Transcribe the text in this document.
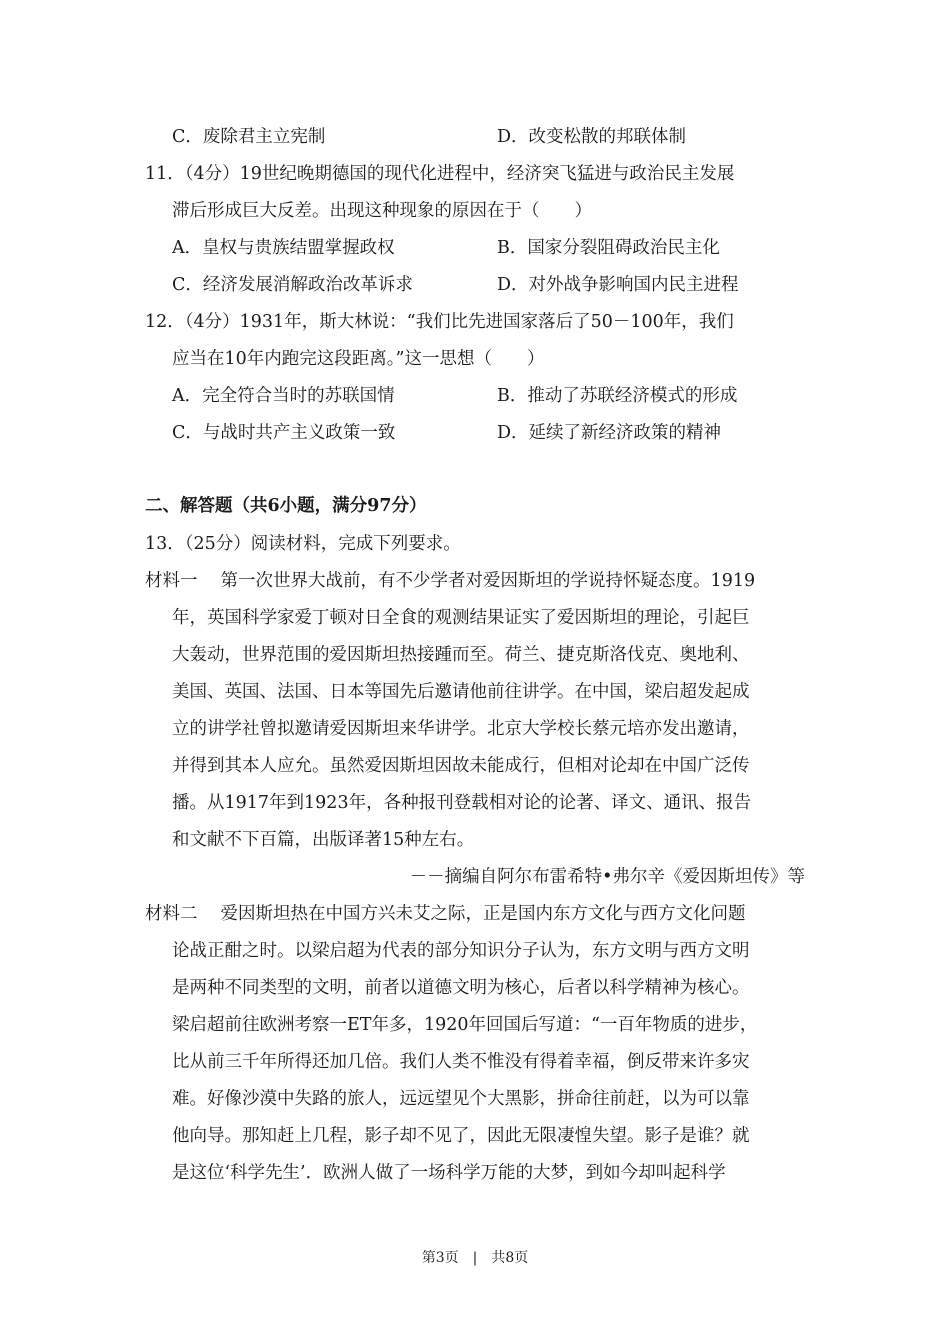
C．废除君主立宪制	D．改变松散的邦联体制
11．（4分）19世纪晚期德国的现代化进程中，经济突飞猛进与政治民主发展
滞后形成巨大反差。出现这种现象的原因在于（　　）
A．皇权与贵族结盟掌握政权	B．国家分裂阻碍政治民主化
C．经济发展消解政治改革诉求	D．对外战争影响国内民主进程
12．（4分）1931年，斯大林说：“我们比先进国家落后了50－100年，我们
应当在10年内跑完这段距离。”这一思想（　　）
A．完全符合当时的苏联国情	B．推动了苏联经济模式的形成
C．与战时共产主义政策一致	D．延续了新经济政策的精神
二、解答题（共6小题，满分97分）
13．（25分）阅读材料，完成下列要求。
材料一　 第一次世界大战前，有不少学者对爱因斯坦的学说持怀疑态度。1919
年，英国科学家爱丁顿对日全食的观测结果证实了爱因斯坦的理论，引起巨
大轰动，世界范围的爱因斯坦热接踵而至。荷兰、捷克斯洛伐克、奥地利、
美国、英国、法国、日本等国先后邀请他前往讲学。在中国，梁启超发起成
立的讲学社曾拟邀请爱因斯坦来华讲学。北京大学校长蔡元培亦发出邀请，
并得到其本人应允。虽然爱因斯坦因故未能成行，但相对论却在中国广泛传
播。从1917年到1923年，各种报刊登载相对论的论著、译文、通讯、报告
和文献不下百篇，出版译著15种左右。
－－摘编自阿尔布雷希特•弗尔辛《爱因斯坦传》等
材料二　 爱因斯坦热在中国方兴未艾之际，正是国内东方文化与西方文化问题
论战正酣之时。以梁启超为代表的部分知识分子认为，东方文明与西方文明
是两种不同类型的文明，前者以道德文明为核心，后者以科学精神为核心。
梁启超前往欧洲考察一ET年多，1920年回国后写道：“一百年物质的进步，
比从前三千年所得还加几倍。我们人类不惟没有得着幸福，倒反带来许多灾
难。好像沙漠中失路的旅人，远远望见个大黑影，拼命往前赶，以为可以靠
他向导。那知赶上几程，影子却不见了，因此无限凄惶失望。影子是谁？就
是这位‘科学先生’．欧洲人做了一场科学万能的大梦，到如今却叫起科学
第3页　|　共8页
